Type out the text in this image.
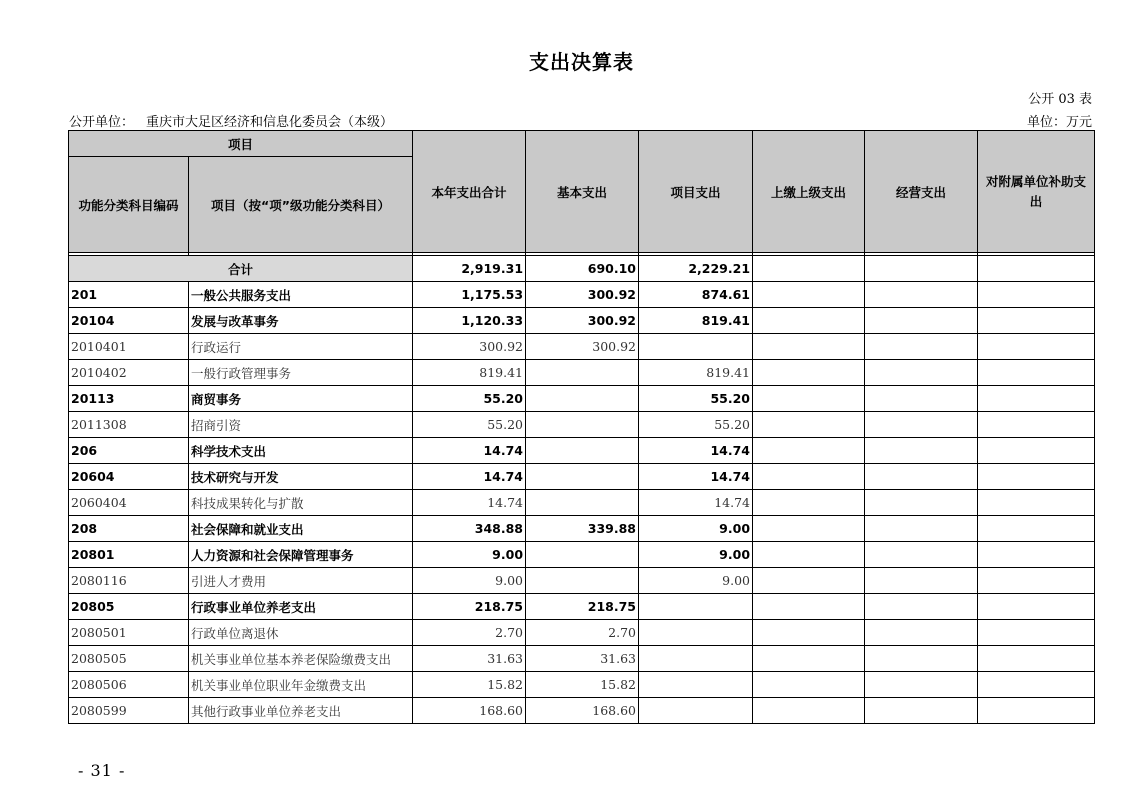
支出决算表
公开 03 表
公开单位： 重庆市大足区经济和信息化委员会（本级）	单位：万元
项目		本年支出合计	基本支出	项目支出	上缴上级支出	经营支出	对附属单位补助支出
功能分类科目编码	项目（按“项”级功能分类科目）						

合计		2,919.31	690.10	2,229.21			
201	一般公共服务支出	1,175.53	300.92	874.61			
20104	发展与改革事务	1,120.33	300.92	819.41			
2010401	行政运行	300.92	300.92				
2010402	一般行政管理事务	819.41		819.41			
20113	商贸事务	55.20		55.20			
2011308	招商引资	55.20		55.20			
206	科学技术支出	14.74		14.74			
20604	技术研究与开发	14.74		14.74			
2060404	科技成果转化与扩散	14.74		14.74			
208	社会保障和就业支出	348.88	339.88	9.00			
20801	人力资源和社会保障管理事务	9.00		9.00			
2080116	引进人才费用	9.00		9.00			
20805	行政事业单位养老支出	218.75	218.75				
2080501	行政单位离退休	2.70	2.70				
2080505	机关事业单位基本养老保险缴费支出	31.63	31.63				
2080506	机关事业单位职业年金缴费支出	15.82	15.82				
2080599	其他行政事业单位养老支出	168.60	168.60				
- 31 -
